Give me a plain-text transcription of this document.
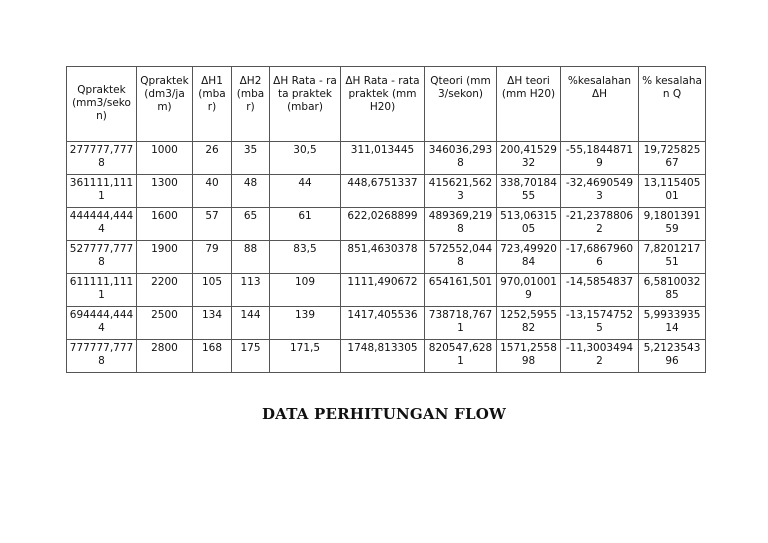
Qpraktek (mm3/sekon)	Qpraktek (dm3/jam)	ΔH1 (mbar)	ΔH2 (mbar)	ΔH Rata - rata praktek (mbar)	ΔH Rata - rata praktek (mm H20)	Qteori (mm3/sekon)	ΔH teori (mm H20)	%kesalahan ΔH	% kesalahan Q
277777,7778	1000	26	35	30,5	311,013445	346036,2938	200,4152932	-55,18448719	19,72582567
361111,1111	1300	40	48	44	448,6751337	415621,5623	338,7018455	-32,46905493	13,11540501
444444,4444	1600	57	65	61	622,0268899	489369,2198	513,0631505	-21,23788062	9,180139159
527777,7778	1900	79	88	83,5	851,4630378	572552,0448	723,4992084	-17,68679606	7,820121751
611111,1111	2200	105	113	109	1111,490672	654161,501	970,010019	-14,5854837	6,581003285
694444,4444	2500	134	144	139	1417,405536	738718,7671	1252,595582	-13,15747525	5,993393514
777777,7778	2800	168	175	171,5	1748,813305	820547,6281	1571,255898	-11,30034942	5,212354396
DATA PERHITUNGAN FLOW
